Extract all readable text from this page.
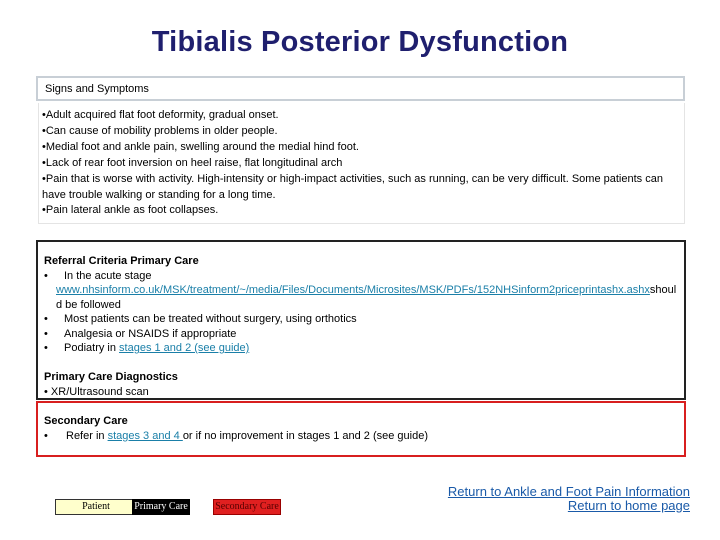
Tibialis Posterior Dysfunction
Signs and Symptoms
•Adult acquired flat foot deformity, gradual onset.
•Can cause of mobility problems in older people.
•Medial foot and ankle pain, swelling around the medial hind foot.
•Lack of rear foot inversion on heel raise, flat longitudinal arch
•Pain that is worse with activity. High-intensity or high-impact activities, such as running, can be very difficult. Some patients can have trouble walking or standing for a long time.
•Pain lateral ankle as foot collapses.
Referral Criteria Primary Care
•	In the acute stage
www.nhsinform.co.uk/MSK/treatment/~/media/Files/Documents/Microsites/MSK/PDFs/152NHSinform2priceprintashx.ashxshould be followed
•	Most patients can be treated without surgery, using orthotics
•	Analgesia or NSAIDS if appropriate
•	Podiatry in stages 1 and 2 (see guide)
Primary Care Diagnostics
• XR/Ultrasound scan
Secondary Care
•	Refer in stages 3 and 4 or if no improvement in stages 1 and 2 (see guide)
Patient	Primary Care	Secondary Care
Return to Ankle and Foot Pain Information
Return to home page
